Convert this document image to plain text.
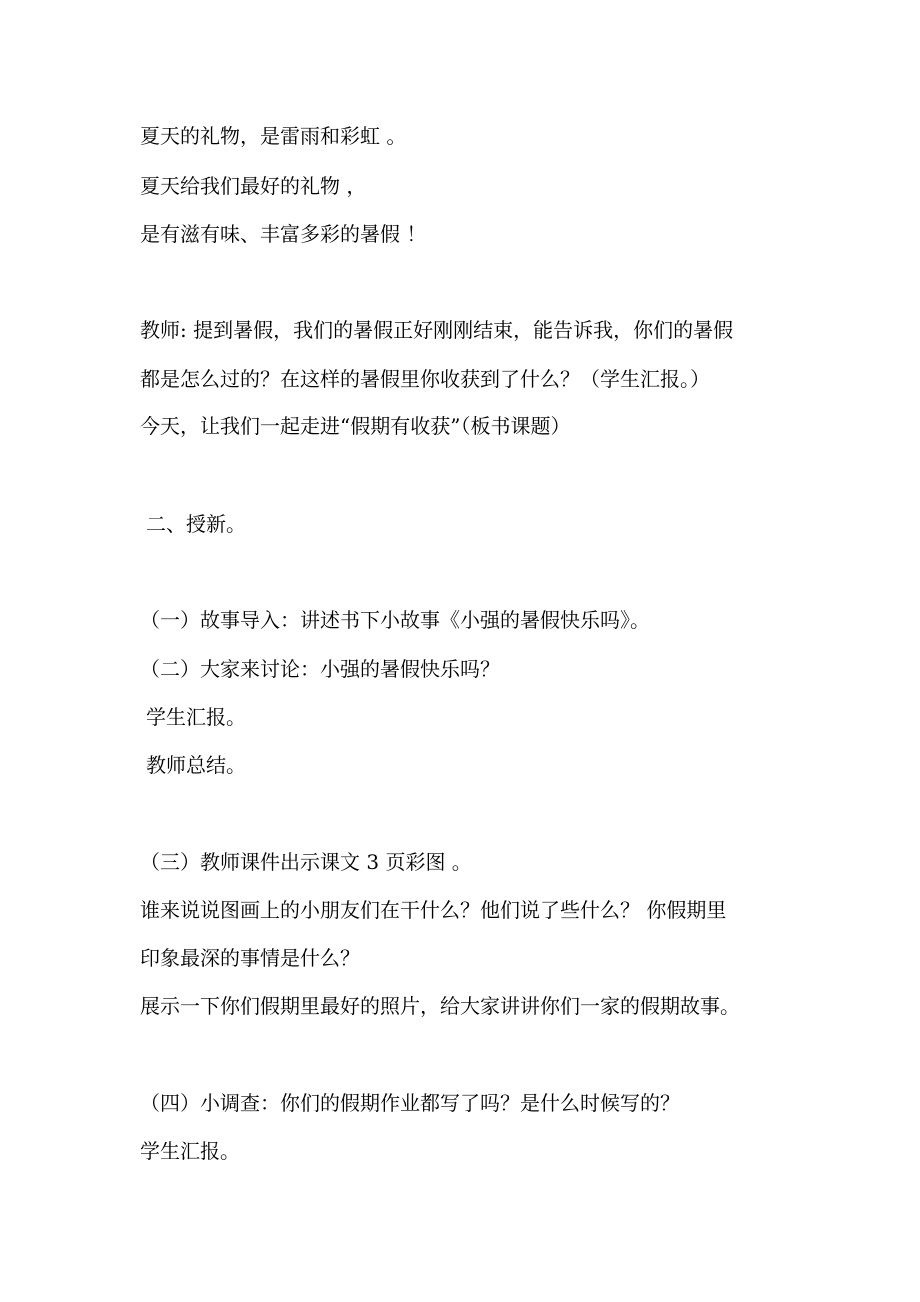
夏天的礼物，是雷雨和彩虹 。

夏天给我们最好的礼物 ，

是有滋有味、丰富多彩的暑假 ！

教师: 提到暑假，我们的暑假正好刚刚结束，能告诉我，你们的暑假

都是怎么过的？在这样的暑假里你收获到了什么？（学生汇报。）

今天，让我们一起走进“假期有收获”（板书课题）

二、授新。

（一）故事导入：讲述书下小故事《小强的暑假快乐吗》。

（二）大家来讨论：小强的暑假快乐吗？

学生汇报。

教师总结。

（三）教师课件出示课文 3 页彩图 。

谁来说说图画上的小朋友们在干什么？他们说了些什么？ 你假期里

印象最深的事情是什么？

展示一下你们假期里最好的照片，给大家讲讲你们一家的假期故事。

（四）小调查：你们的假期作业都写了吗？是什么时候写的？

学生汇报。
